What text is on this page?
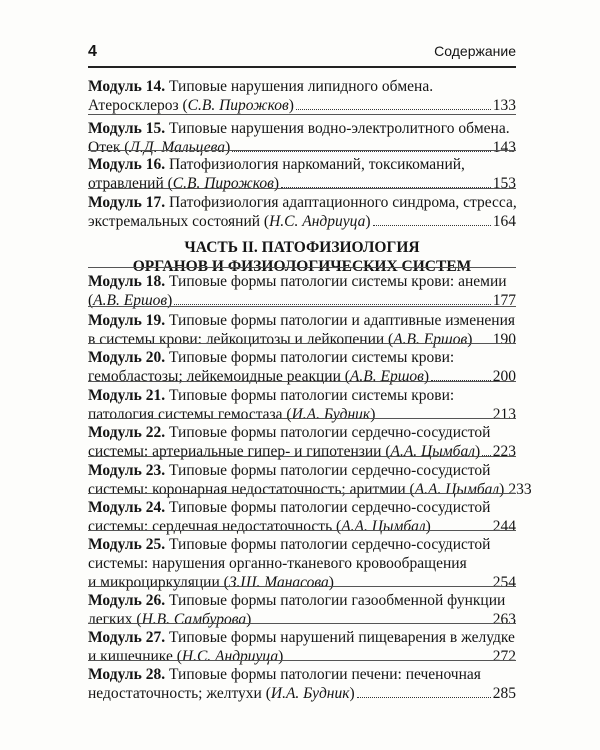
4	Содержание
Модуль 14. Типовые нарушения липидного обмена.
Атеросклероз ( С.В. Пирожков )	133
Модуль 15. Типовые нарушения водно-электролитного обмена.
Отек ( Л.Д. Мальцева )	143
Модуль 16. Патофизиология наркоманий, токсикоманий,
отравлений ( С.В. Пирожков )	153
Модуль 17. Патофизиология адаптационного синдрома, стресса,
экстремальных состояний ( Н.С. Андриуца )	164
ЧАСТЬ II. ПАТОФИЗИОЛОГИЯ
ОРГАНОВ И ФИЗИОЛОГИЧЕСКИХ СИСТЕМ
Модуль 18. Типовые формы патологии системы крови: анемии
( А.В. Ершов )	177
Модуль 19. Типовые формы патологии и адаптивные изменения
в системы крови: лейкоцитозы и лейкопении ( А.В. Ершов ) 190
Модуль 20. Типовые формы патологии системы крови:
гемобластозы; лейкемоидные реакции ( А.В. Ершов )	200
Модуль 21. Типовые формы патологии системы крови:
патология системы гемостаза ( И.А. Будник )	213
Модуль 22. Типовые формы патологии сердечно-сосудистой
системы: артериальные гипер- и гипотензии ( А.А. Цымбал ) 223
Модуль 23. Типовые формы патологии сердечно-сосудистой
системы: коронарная недостаточность; аритмии ( А.А. Цымбал ) 233
Модуль 24. Типовые формы патологии сердечно-сосудистой
системы: сердечная недостаточность ( А.А. Цымбал )	244
Модуль 25. Типовые формы патологии сердечно-сосудистой
системы: нарушения органно-тканевого кровообращения
и микроциркуляции ( З.Ш. Манасова )	254
Модуль 26. Типовые формы патологии газообменной функции
легких ( Н.В. Самбурова )	263
Модуль 27. Типовые формы нарушений пищеварения в желудке
и кишечнике ( Н.С. Андриуца )	272
Модуль 28. Типовые формы патологии печени: печеночная
недостаточность; желтухи ( И.А. Будник )	285
